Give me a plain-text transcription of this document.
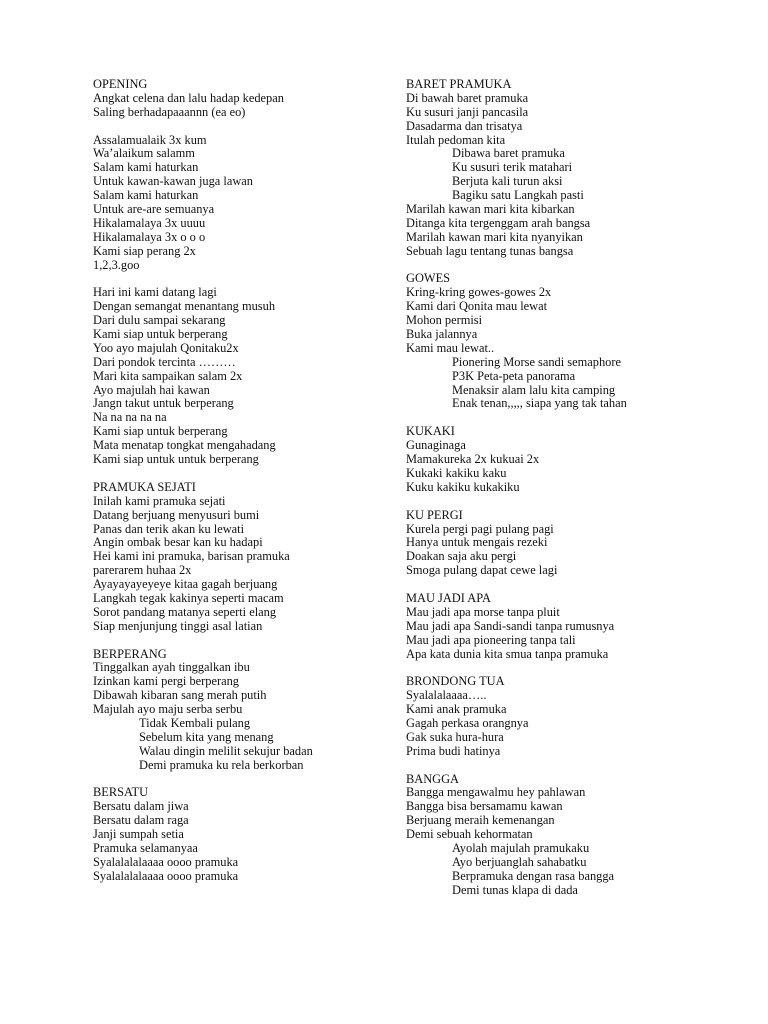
OPENING
Angkat celena dan lalu hadap kedepan
Saling berhadapaaannn (ea eo)
Assalamualaik 3x kum
Wa’alaikum salamm
Salam kami haturkan
Untuk kawan-kawan juga lawan
Salam kami haturkan
Untuk are-are semuanya
Hikalamalaya 3x uuuu
Hikalamalaya 3x o o o
Kami siap perang 2x
1,2,3.goo
Hari ini kami datang lagi
Dengan semangat menantang musuh
Dari dulu sampai sekarang
Kami siap untuk berperang
Yoo ayo majulah Qonitaku2x
Dari pondok tercinta ………
Mari kita sampaikan salam 2x
Ayo majulah hai kawan
Jangn takut untuk berperang
Na na na na na
Kami siap untuk berperang
Mata menatap tongkat mengahadang
Kami siap untuk untuk berperang
PRAMUKA SEJATI
Inilah kami pramuka sejati
Datang berjuang menyusuri bumi
Panas dan terik akan ku lewati
Angin ombak besar kan ku hadapi
Hei kami ini pramuka, barisan pramuka
parerarem huhaa 2x
Ayayayayeyeye kitaa gagah berjuang
Langkah tegak kakinya seperti macam
Sorot pandang matanya seperti elang
Siap menjunjung tinggi asal latian
BERPERANG
Tinggalkan ayah tinggalkan ibu
Izinkan kami pergi berperang
Dibawah kibaran sang merah putih
Majulah ayo maju serba serbu
Tidak Kembali pulang
Sebelum kita yang menang
Walau dingin melilit sekujur badan
Demi pramuka ku rela berkorban
BERSATU
Bersatu dalam jiwa
Bersatu dalam raga
Janji sumpah setia
Pramuka selamanyaa
Syalalalalaaaa oooo pramuka
Syalalalalaaaa oooo pramuka
BARET PRAMUKA
Di bawah baret pramuka
Ku susuri janji pancasila
Dasadarma dan trisatya
Itulah pedoman kita
Dibawa baret pramuka
Ku susuri terik matahari
Berjuta kali turun aksi
Bagiku satu Langkah pasti
Marilah kawan mari kita kibarkan
Ditanga kita tergenggam arah bangsa
Marilah kawan mari kita nyanyikan
Sebuah lagu tentang tunas bangsa
GOWES
Kring-kring gowes-gowes 2x
Kami dari Qonita mau lewat
Mohon permisi
Buka jalannya
Kami mau lewat..
Pionering Morse sandi semaphore
P3K Peta-peta panorama
Menaksir alam lalu kita camping
Enak tenan,,,,, siapa yang tak tahan
KUKAKI
Gunaginaga
Mamakureka 2x kukuai 2x
Kukaki kakiku kaku
Kuku kakiku kukakiku
KU PERGI
Kurela pergi pagi pulang pagi
Hanya untuk mengais rezeki
Doakan saja aku pergi
Smoga pulang dapat cewe lagi
MAU JADI APA
Mau jadi apa morse tanpa pluit
Mau jadi apa Sandi-sandi tanpa rumusnya
Mau jadi apa pioneering tanpa tali
Apa kata dunia kita smua tanpa pramuka
BRONDONG TUA
Syalalalaaaa…..
Kami anak pramuka
Gagah perkasa orangnya
Gak suka hura-hura
Prima budi hatinya
BANGGA
Bangga mengawalmu hey pahlawan
Bangga bisa bersamamu kawan
Berjuang meraih kemenangan
Demi sebuah kehormatan
Ayolah majulah pramukaku
Ayo berjuanglah sahabatku
Berpramuka dengan rasa bangga
Demi tunas klapa di dada
